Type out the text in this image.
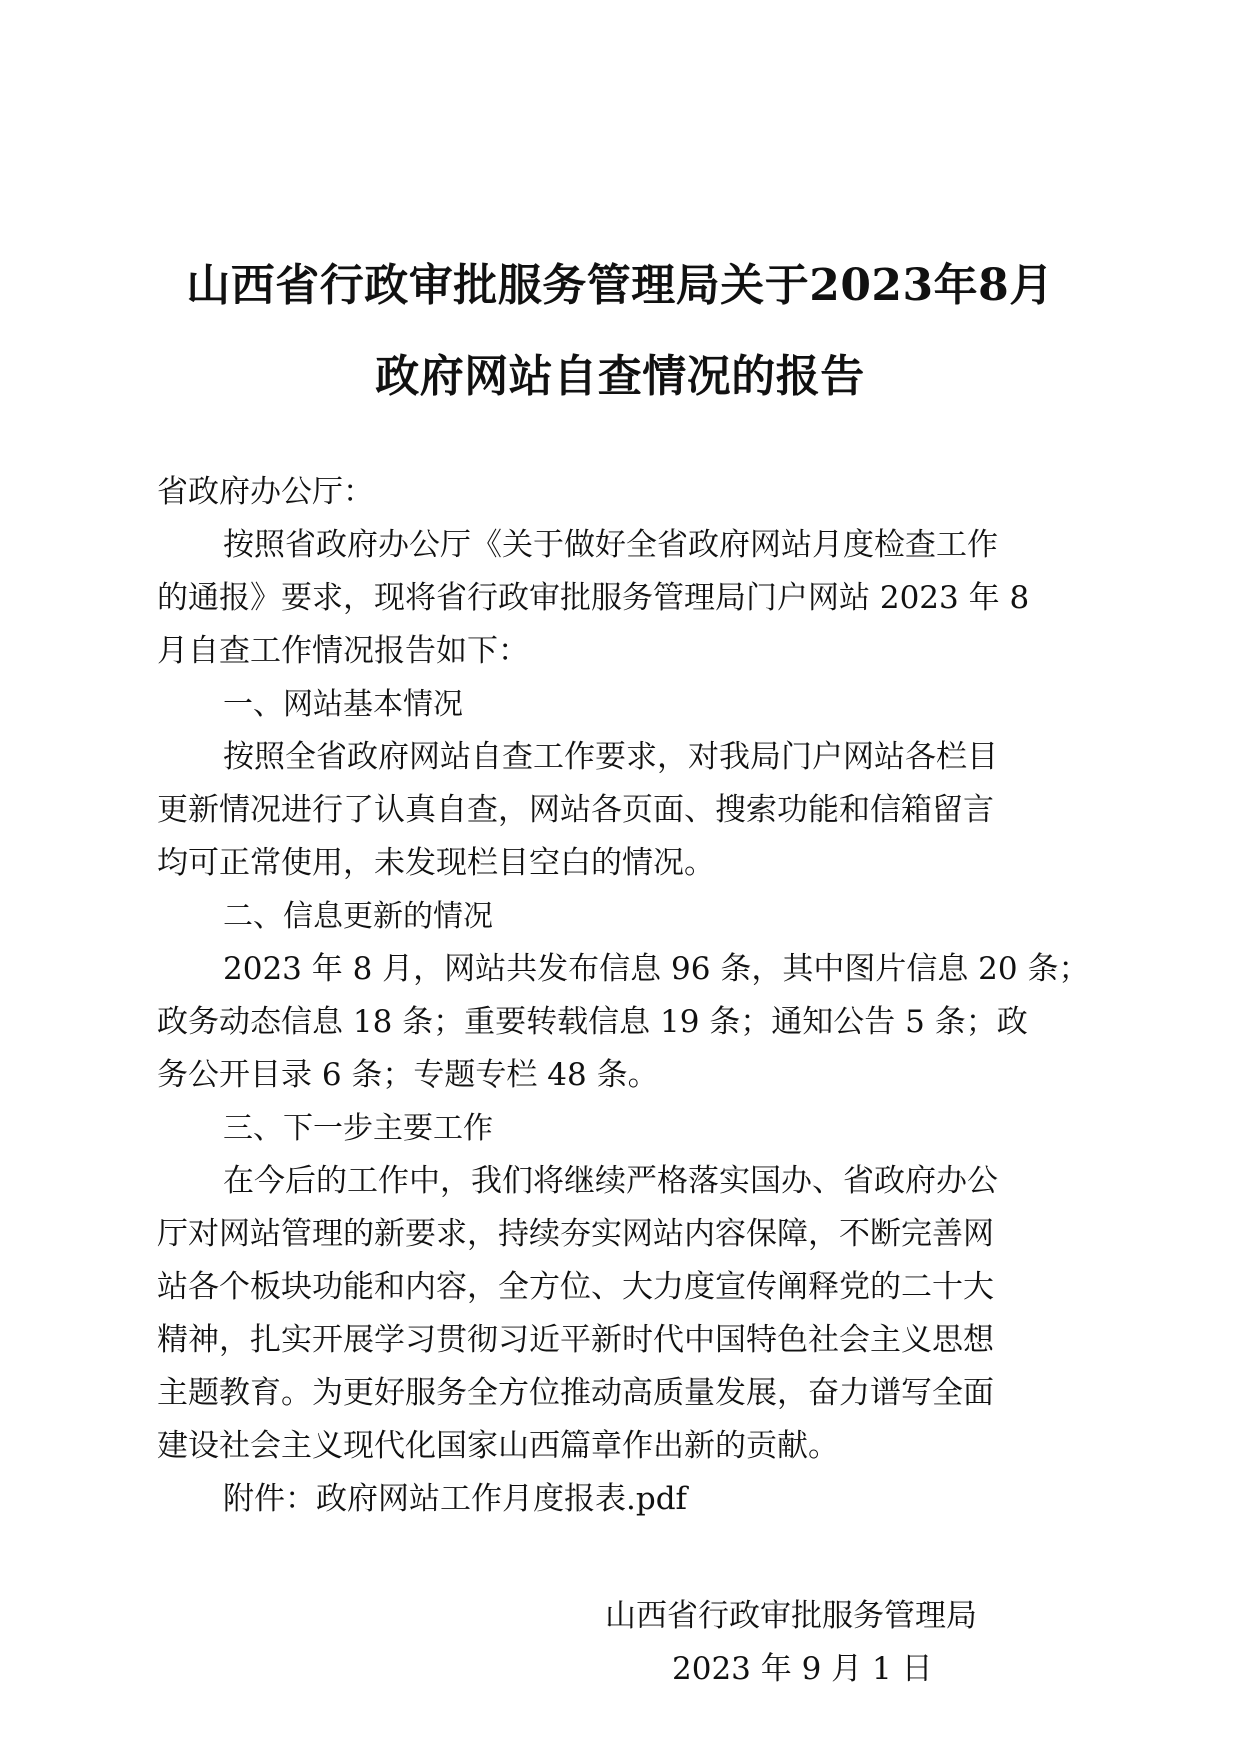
山西省行政审批服务管理局关于2023年8月
政府网站自查情况的报告
省政府办公厅：
按照省政府办公厅《关于做好全省政府网站月度检查工作
的通报》要求，现将省行政审批服务管理局门户网站 2023 年 8
月自查工作情况报告如下：
一、网站基本情况
按照全省政府网站自查工作要求，对我局门户网站各栏目
更新情况进行了认真自查，网站各页面、搜索功能和信箱留言
均可正常使用，未发现栏目空白的情况。
二、信息更新的情况
2023 年 8 月，网站共发布信息 96 条，其中图片信息 20 条；
政务动态信息 18 条；重要转载信息 19 条；通知公告 5 条；政
务公开目录 6 条；专题专栏 48 条。
三、下一步主要工作
在今后的工作中，我们将继续严格落实国办、省政府办公
厅对网站管理的新要求，持续夯实网站内容保障，不断完善网
站各个板块功能和内容，全方位、大力度宣传阐释党的二十大
精神，扎实开展学习贯彻习近平新时代中国特色社会主义思想
主题教育。为更好服务全方位推动高质量发展，奋力谱写全面
建设社会主义现代化国家山西篇章作出新的贡献。
附件：政府网站工作月度报表.pdf
山西省行政审批服务管理局
2023 年 9 月 1 日
